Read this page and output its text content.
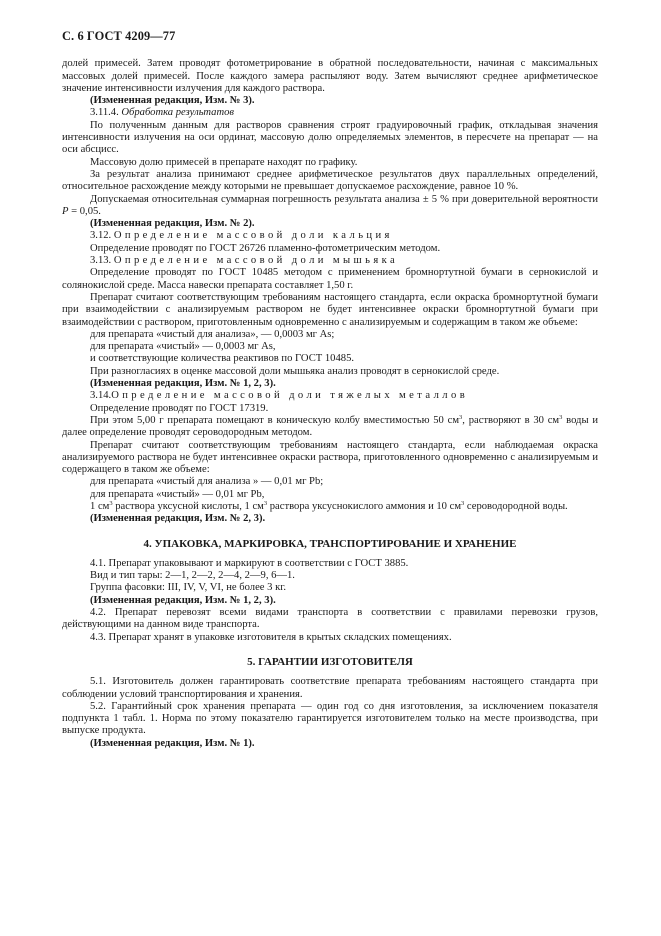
С. 6 ГОСТ 4209—77

долей примесей. Затем проводят фотометрирование в обратной последовательности, начиная с максимальных массовых долей примесей. После каждого замера распыляют воду. Затем вычисляют среднее арифметическое значение интенсивности излучения для каждого раствора.

(Измененная редакция, Изм. № 3).

3.11.4. Обработка результатов

По полученным данным для растворов сравнения строят градуировочный график, откладывая значения интенсивности излучения на оси ординат, массовую долю определяемых элементов, в пересчете на препарат — на оси абсцисс.

Массовую долю примесей в препарате находят по графику.

За результат анализа принимают среднее арифметическое результатов двух параллельных определений, относительное расхождение между которыми не превышает допускаемое расхождение, равное 10 %.

Допускаемая относительная суммарная погрешность результата анализа ± 5 % при доверительной вероятности Р = 0,05.

(Измененная редакция, Изм. № 2).

3.12. Определение массовой доли кальция

Определение проводят по ГОСТ 26726 пламенно-фотометрическим методом.

3.13. Определение массовой доли мышьяка

Определение проводят по ГОСТ 10485 методом с применением бромнортутной бумаги в сернокислой и солянокислой среде. Масса навески препарата составляет 1,50 г.

Препарат считают соответствующим требованиям настоящего стандарта, если окраска бромнортутной бумаги при взаимодействии с анализируемым раствором не будет интенсивнее окраски бромнортутной бумаги при взаимодействии с раствором, приготовленным одновременно с анализируемым и содержащим в таком же объеме:

для препарата «чистый для анализа», — 0,0003 мг As;

для препарата «чистый» — 0,0003 мг As,

и соответствующие количества реактивов по ГОСТ 10485.

При разногласиях в оценке массовой доли мышьяка анализ проводят в сернокислой среде.

(Измененная редакция, Изм. № 1, 2, 3).

3.14.Определение массовой доли тяжелых металлов

Определение проводят по ГОСТ 17319.

При этом 5,00 г препарата помещают в коническую колбу вместимостью 50 $см^3$, растворяют в 30 $см^3$ воды и далее определение проводят сероводородным методом.

Препарат считают соответствующим требованиям настоящего стандарта, если наблюдаемая окраска анализируемого раствора не будет интенсивнее окраски раствора, приготовленного одновременно с анализируемым и содержащего в таком же объеме:

для препарата «чистый для анализа » — 0,01 мг Pb;

для препарата «чистый» — 0,01 мг Pb,

1 $см^3$ раствора уксусной кислоты, 1 $см^3$ раствора уксуснокислого аммония и 10 $см^3$ сероводородной воды.

(Измененная редакция, Изм. № 2, 3).

4. УПАКОВКА, МАРКИРОВКА, ТРАНСПОРТИРОВАНИЕ И ХРАНЕНИЕ

4.1. Препарат упаковывают и маркируют в соответствии с ГОСТ 3885.

Вид и тип тары: 2—1, 2—2, 2—4, 2—9, 6—1.

Группа фасовки: III, IV, V, VI, не более 3 кг.

(Измененная редакция, Изм. № 1, 2, 3).

4.2. Препарат перевозят всеми видами транспорта в соответствии с правилами перевозки грузов, действующими на данном виде транспорта.

4.3. Препарат хранят в упаковке изготовителя в крытых складских помещениях.

5. ГАРАНТИИ ИЗГОТОВИТЕЛЯ

5.1. Изготовитель должен гарантировать соответствие препарата требованиям настоящего стандарта при соблюдении условий транспортирования и хранения.

5.2. Гарантийный срок хранения препарата — один год со дня изготовления, за исключением показателя подпункта 1 табл. 1. Норма по этому показателю гарантируется изготовителем только на месте производства, при выпуске продукта.

(Измененная редакция, Изм. № 1).
